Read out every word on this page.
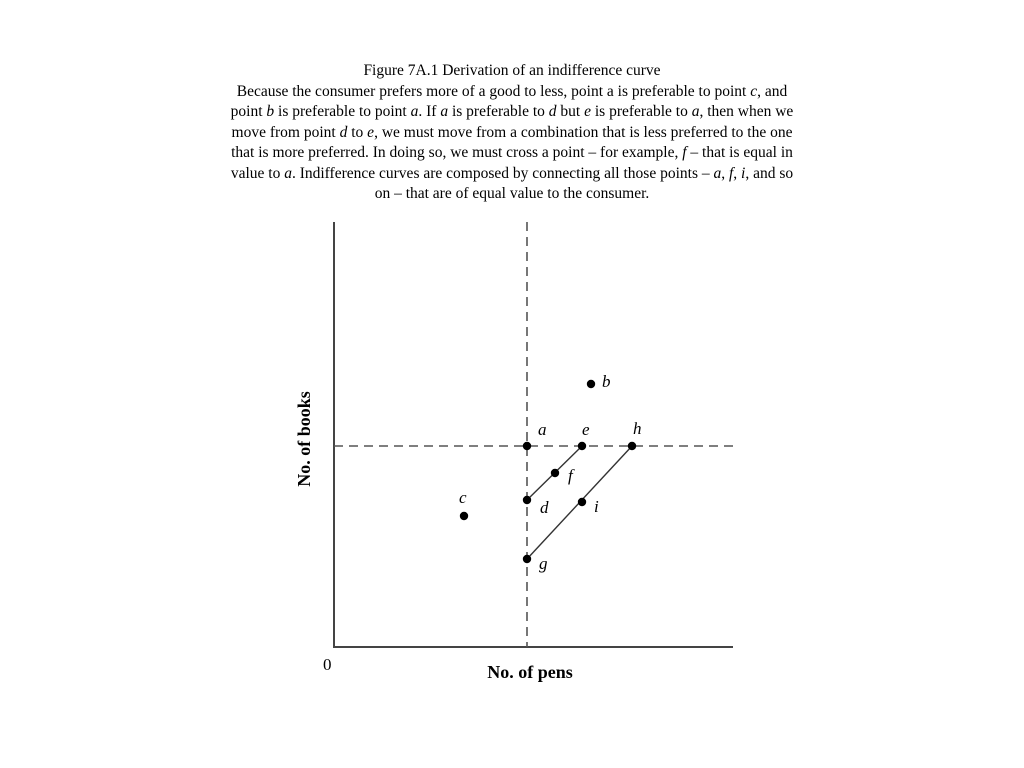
Figure 7A.1 Derivation of an indifference curve
Because the consumer prefers more of a good to less, point a is preferable to point c, and
point b is preferable to point a. If a is preferable to d but e is preferable to a, then when we
move from point d to e, we must move from a combination that is less preferred to the one
that is more preferred. In doing so, we must cross a point – for example, f – that is equal in
value to a. Indifference curves are composed by connecting all those points – a, f, i, and so
on – that are of equal value to the consumer.
a
b
c
d
e
f
g
h
i
0	No. of pens
No. of books
